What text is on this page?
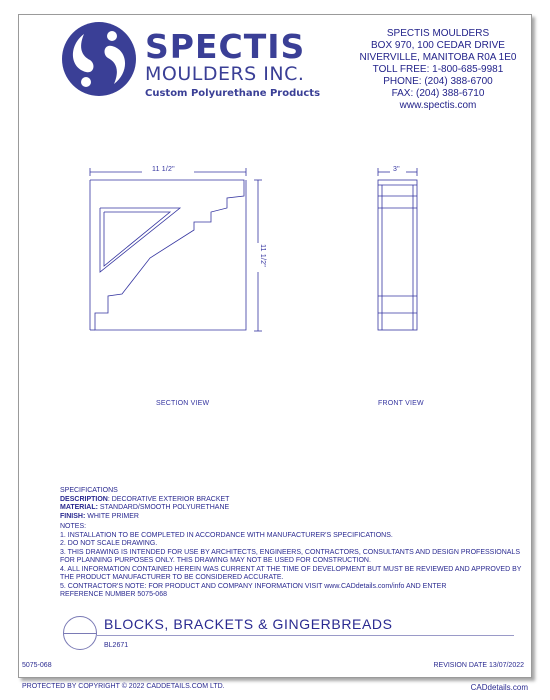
SPECTIS
MOULDERS INC.
Custom Polyurethane Products
SPECTIS MOULDERS
BOX 970, 100 CEDAR DRIVE
NIVERVILLE, MANITOBA R0A 1E0
TOLL FREE: 1-800-685-9981
PHONE: (204) 388-6700
FAX: (204) 388-6710
www.spectis.com
11 1/2"
11 1/2"
3"
SECTION VIEW	FRONT VIEW
SPECIFICATIONS
DESCRIPTION: DECORATIVE EXTERIOR BRACKET
MATERIAL: STANDARD/SMOOTH POLYURETHANE
FINISH: WHITE PRIMER
NOTES:
1. INSTALLATION TO BE COMPLETED IN ACCORDANCE WITH MANUFACTURER'S SPECIFICATIONS.
2. DO NOT SCALE DRAWING.
3. THIS DRAWING IS INTENDED FOR USE BY ARCHITECTS, ENGINEERS, CONTRACTORS, CONSULTANTS AND DESIGN PROFESSIONALS
FOR PLANNING PURPOSES ONLY. THIS DRAWING MAY NOT BE USED FOR CONSTRUCTION.
4. ALL INFORMATION CONTAINED HEREIN WAS CURRENT AT THE TIME OF DEVELOPMENT BUT MUST BE REVIEWED AND APPROVED BY
THE PRODUCT MANUFACTURER TO BE CONSIDERED ACCURATE.
5. CONTRACTOR'S NOTE: FOR PRODUCT AND COMPANY INFORMATION VISIT www.CADdetails.com/info AND ENTER
REFERENCE NUMBER 5075-068
BLOCKS, BRACKETS & GINGERBREADS
BL2671
5075-068	REVISION DATE 13/07/2022
PROTECTED BY COPYRIGHT © 2022 CADDETAILS.COM LTD.	CADdetails.com
